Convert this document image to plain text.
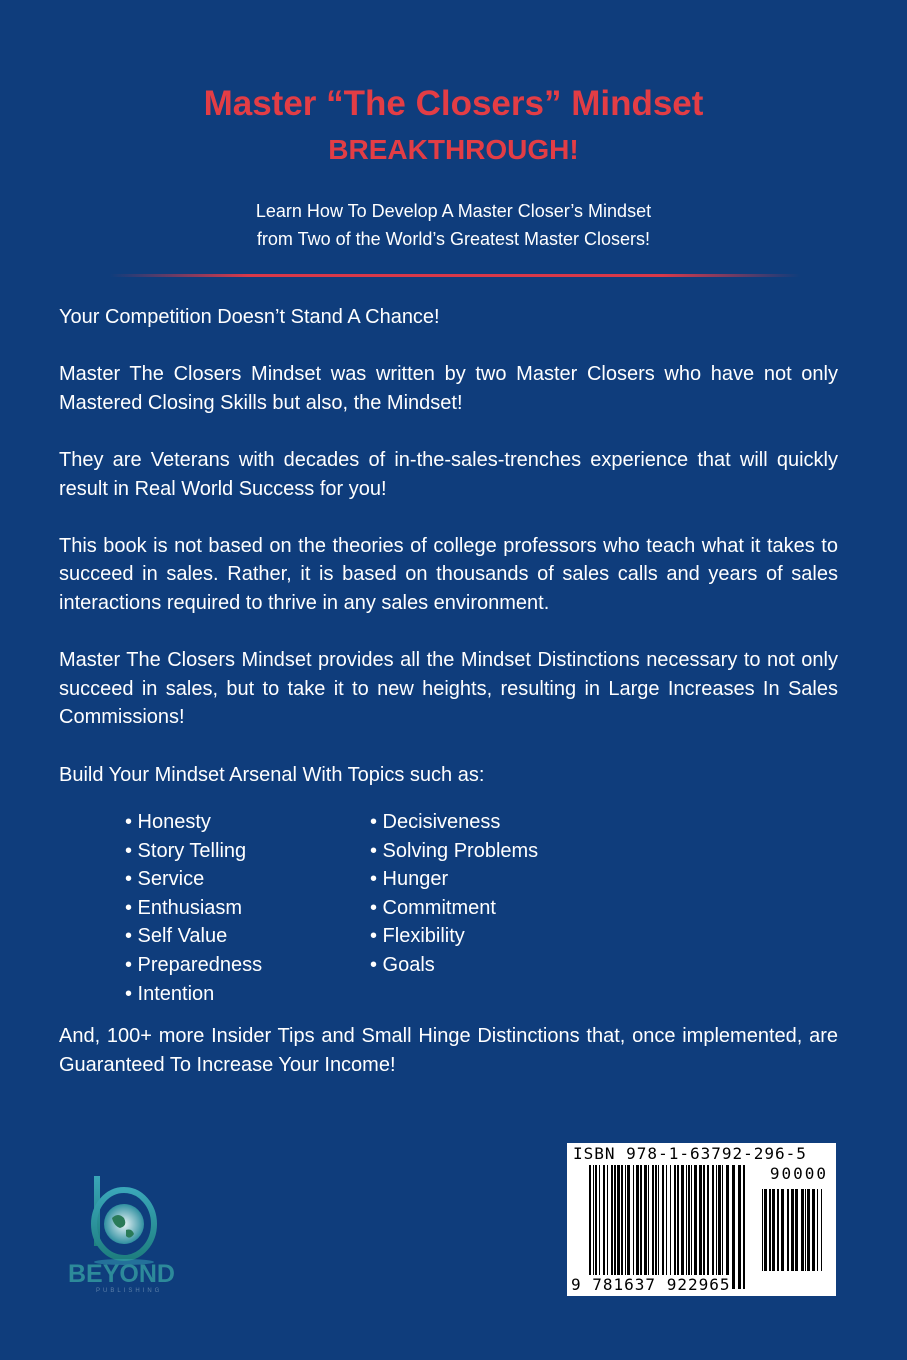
Master “The Closers” Mindset
BREAKTHROUGH!
Learn How To Develop A Master Closer’s Mindset
from Two of the World’s Greatest Master Closers!

Your Competition Doesn’t Stand A Chance!

Master The Closers Mindset was written by two Master Closers who have not only Mastered Closing Skills but also, the Mindset!

They are Veterans with decades of in-the-sales-trenches experience that will quickly result in Real World Success for you!

This book is not based on the theories of college professors who teach what it takes to succeed in sales. Rather, it is based on thousands of sales calls and years of sales interactions required to thrive in any sales environment.

Master The Closers Mindset provides all the Mindset Distinctions necessary to not only succeed in sales, but to take it to new heights, resulting in Large Increases In Sales Commissions!

Build Your Mindset Arsenal With Topics such as:

• Honesty
• Story Telling
• Service
• Enthusiasm
• Self Value
• Preparedness
• Intention
• Decisiveness
• Solving Problems
• Hunger
• Commitment
• Flexibility
• Goals

And, 100+ more Insider Tips and Small Hinge Distinctions that, once implemented, are Guaranteed To Increase Your Income!

BEYOND
PUBLISHING
ISBN 978-1-63792-296-5
90000
9 781637 922965
